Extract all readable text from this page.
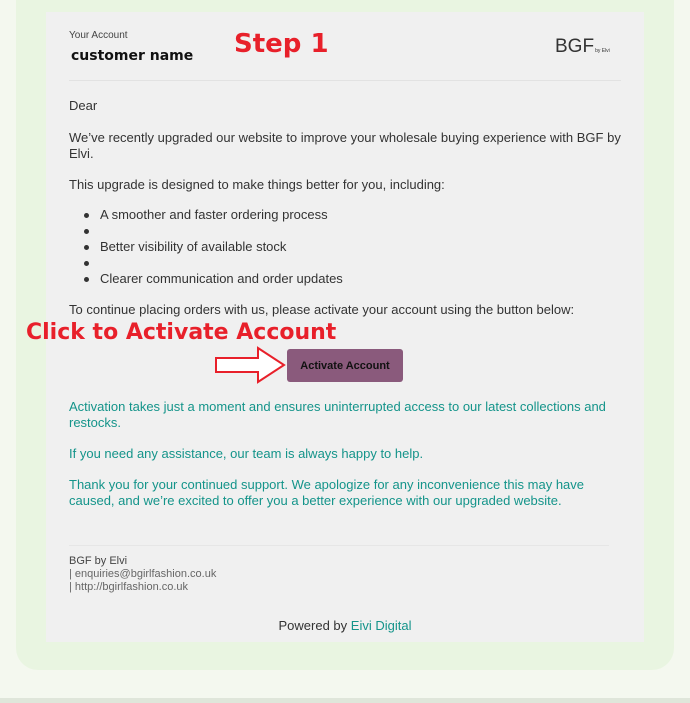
Your Account
customer name Step 1	BGFby Elvi
Dear
We’ve recently upgraded our website to improve your wholesale buying experience with BGF by Elvi.
This upgrade is designed to make things better for you, including:
A smoother and faster ordering process
Better visibility of available stock
Clearer communication and order updates
To continue placing orders with us, please activate your account using the button below:
Click to Activate Account
Activate Account
Activation takes just a moment and ensures uninterrupted access to our latest collections and restocks.
If you need any assistance, our team is always happy to help.
Thank you for your continued support. We apologize for any inconvenience this may have caused, and we’re excited to offer you a better experience with our upgraded website.
BGF by Elvi
| enquiries@bgirlfashion.co.uk
| http://bgirlfashion.co.uk
Powered by Eivi Digital
